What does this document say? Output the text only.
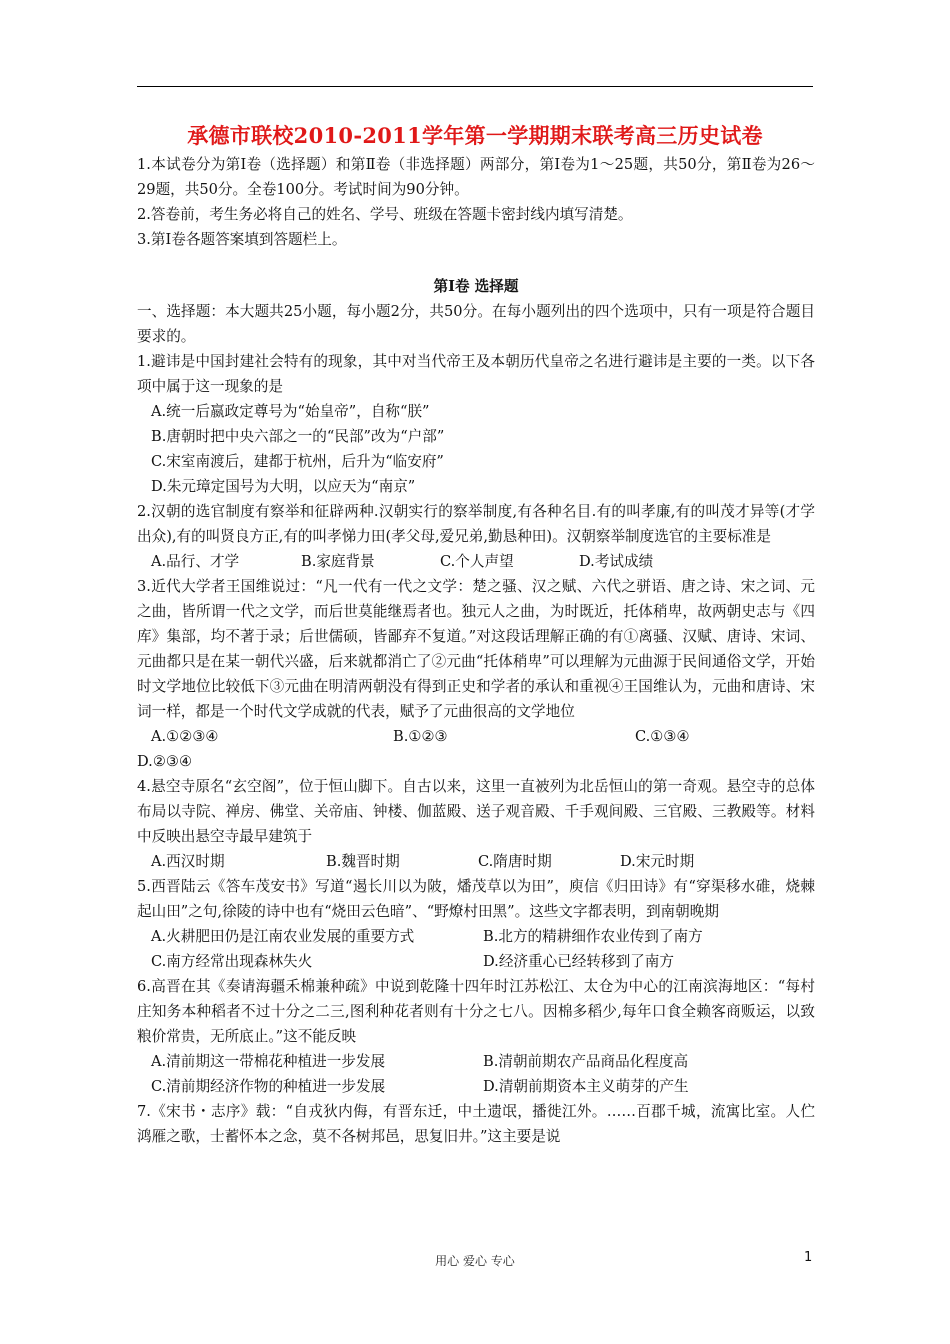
承德市联校2010-2011学年第一学期期末联考高三历史试卷

1.本试卷分为第Ⅰ卷（选择题）和第Ⅱ卷（非选择题）两部分，第Ⅰ卷为1～25题，共50分，第Ⅱ卷为26～29题，共50分。全卷100分。考试时间为90分钟。

2.答卷前，考生务必将自己的姓名、学号、班级在答题卡密封线内填写清楚。

3.第Ⅰ卷各题答案填到答题栏上。

第Ⅰ卷 选择题

一、选择题：本大题共25小题，每小题2分，共50分。在每小题列出的四个选项中，只有一项是符合题目要求的。

1.避讳是中国封建社会特有的现象，其中对当代帝王及本朝历代皇帝之名进行避讳是主要的一类。以下各项中属于这一现象的是

A.统一后嬴政定尊号为“始皇帝”，自称“朕”

B.唐朝时把中央六部之一的“民部”改为“户部”

C.宋室南渡后，建都于杭州，后升为“临安府”

D.朱元璋定国号为大明，以应天为“南京”

2.汉朝的选官制度有察举和征辟两种.汉朝实行的察举制度,有各种名目.有的叫孝廉,有的叫茂才异等(才学出众),有的叫贤良方正,有的叫孝悌力田(孝父母,爱兄弟,勤恳种田)。汉朝察举制度选官的主要标准是

A.品行、才学	B.家庭背景	C.个人声望	D.考试成绩

3.近代大学者王国维说过：“凡一代有一代之文学：楚之骚、汉之赋、六代之骈语、唐之诗、宋之词、元之曲，皆所谓一代之文学，而后世莫能继焉者也。独元人之曲，为时既近，托体稍卑，故两朝史志与《四库》集部，均不著于录；后世儒硕，皆鄙弃不复道。”对这段话理解正确的有①离骚、汉赋、唐诗、宋词、元曲都只是在某一朝代兴盛，后来就都消亡了②元曲“托体稍卑”可以理解为元曲源于民间通俗文学，开始时文学地位比较低下③元曲在明清两朝没有得到正史和学者的承认和重视④王国维认为，元曲和唐诗、宋词一样，都是一个时代文学成就的代表，赋予了元曲很高的文学地位

A.①②③④	B.①②③	C.①③④

D.②③④

4.悬空寺原名“玄空阁”，位于恒山脚下。自古以来，这里一直被列为北岳恒山的第一奇观。悬空寺的总体布局以寺院、禅房、佛堂、关帝庙、钟楼、伽蓝殿、送子观音殿、千手观间殿、三官殿、三教殿等。材料中反映出悬空寺最早建筑于

A.西汉时期	B.魏晋时期	C.隋唐时期	D.宋元时期

5.西晋陆云《答车茂安书》写道“遏长川以为陂，燔茂草以为田”，庾信《归田诗》有“穿渠移水碓，烧棘起山田”之句,徐陵的诗中也有“烧田云色暗”、“野燎村田黑”。这些文字都表明，到南朝晚期

A.火耕肥田仍是江南农业发展的重要方式	B.北方的精耕细作农业传到了南方
C.南方经常出现森林失火	D.经济重心已经转移到了南方

6.高晋在其《奏请海疆禾棉兼种疏》中说到乾隆十四年时江苏松江、太仓为中心的江南滨海地区：“每村庄知务本种稻者不过十分之二三,图利种花者则有十分之七八。因棉多稻少,每年口食全赖客商贩运，以致粮价常贵，无所底止。”这不能反映

A.清前期这一带棉花种植进一步发展	B.清朝前期农产品商品化程度高
C.清前期经济作物的种植进一步发展	D.清朝前期资本主义萌芽的产生

7.《宋书・志序》载：“自戎狄内侮，有晋东迁，中土遗氓，播徙江外。……百郡千城，流寓比室。人伫鸿雁之歌，士蓄怀本之念，莫不各树邦邑，思复旧井。”这主要是说

用心 爱心 专心	1
